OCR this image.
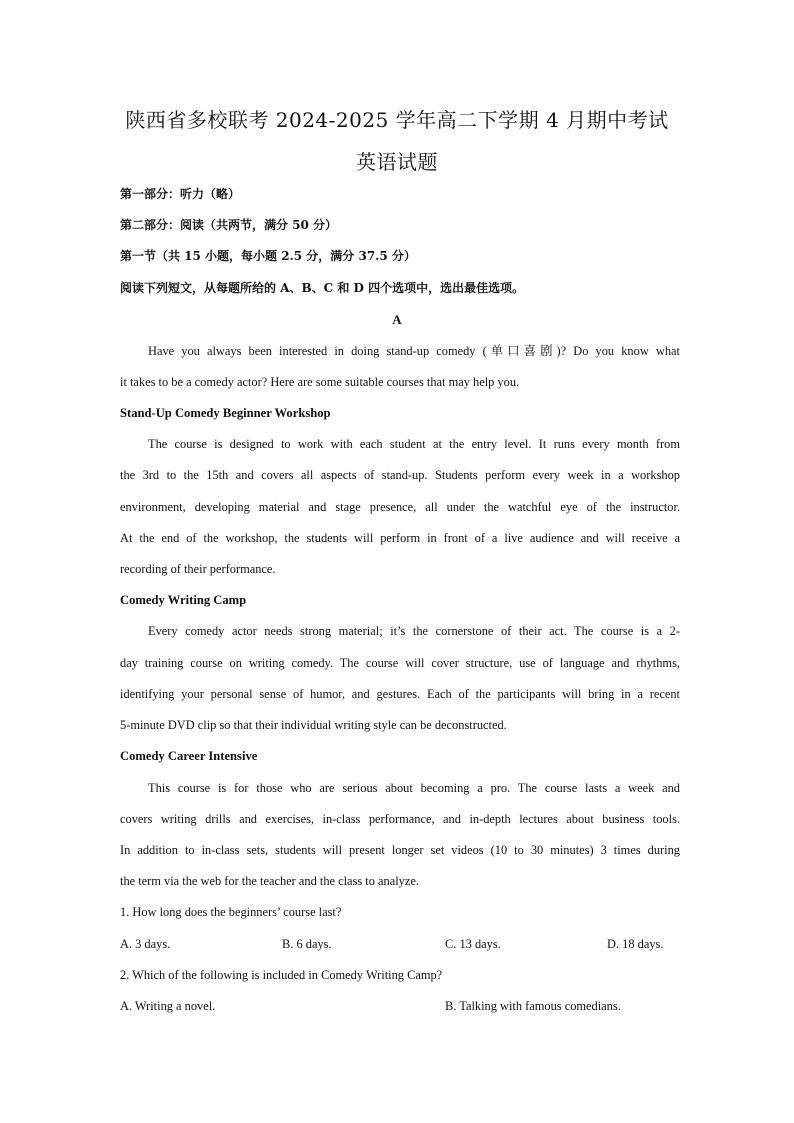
陕西省多校联考 2024-2025 学年高二下学期 4 月期中考试
英语试题
第一部分：听力（略）
第二部分：阅读（共两节，满分 50 分）
第一节（共 15 小题，每小题 2.5 分，满分 37.5 分）
阅读下列短文，从每题所给的 A、B、C 和 D 四个选项中，选出最佳选项。
A
Have you always been interested in doing stand-up comedy (单口喜剧)? Do you know what
it takes to be a comedy actor? Here are some suitable courses that may help you.
Stand-Up Comedy Beginner Workshop
The course is designed to work with each student at the entry level. It runs every month from
the 3rd to the 15th and covers all aspects of stand-up. Students perform every week in a workshop
environment, developing material and stage presence, all under the watchful eye of the instructor.
At the end of the workshop, the students will perform in front of a live audience and will receive a
recording of their performance.
Comedy Writing Camp
Every comedy actor needs strong material; it’s the cornerstone of their act. The course is a 2-
day training course on writing comedy. The course will cover structure, use of language and rhythms,
identifying your personal sense of humor, and gestures. Each of the participants will bring in a recent
5-minute DVD clip so that their individual writing style can be deconstructed.
Comedy Career Intensive
This course is for those who are serious about becoming a pro. The course lasts a week and
covers writing drills and exercises, in-class performance, and in-depth lectures about business tools.
In addition to in-class sets, students will present longer set videos (10 to 30 minutes) 3 times during
the term via the web for the teacher and the class to analyze.
1. How long does the beginners’ course last?
A. 3 days.	B. 6 days.	C. 13 days.	D. 18 days.
2. Which of the following is included in Comedy Writing Camp?
A. Writing a novel.	B. Talking with famous comedians.
